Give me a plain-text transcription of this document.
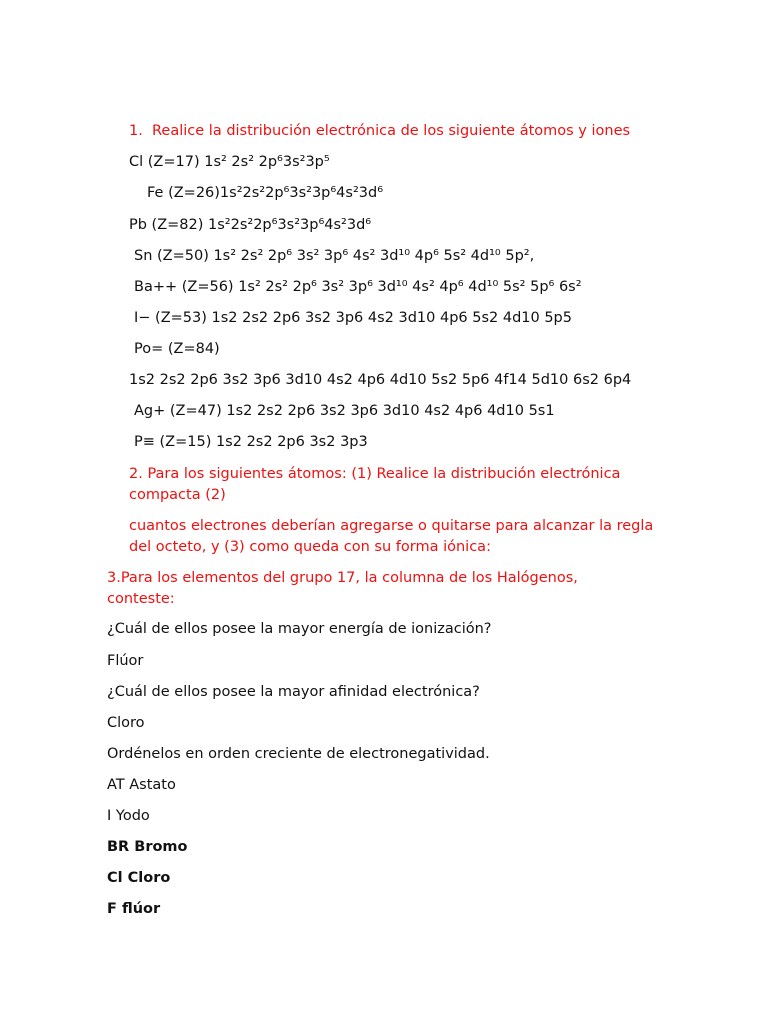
1. Realice la distribución electrónica de los siguiente átomos y iones
Cl (Z=17) 1s² 2s² 2p⁶3s²3p⁵
Fe (Z=26)1s²2s²2p⁶3s²3p⁶4s²3d⁶
Pb (Z=82) 1s²2s²2p⁶3s²3p⁶4s²3d⁶
Sn (Z=50) 1s² 2s² 2p⁶ 3s² 3p⁶ 4s² 3d¹⁰ 4p⁶ 5s² 4d¹⁰ 5p²,
Ba++ (Z=56) 1s² 2s² 2p⁶ 3s² 3p⁶ 3d¹⁰ 4s² 4p⁶ 4d¹⁰ 5s² 5p⁶ 6s²
I− (Z=53) 1s2 2s2 2p6 3s2 3p6 4s2 3d10 4p6 5s2 4d10 5p5
Po= (Z=84)
1s2 2s2 2p6 3s2 3p6 3d10 4s2 4p6 4d10 5s2 5p6 4f14 5d10 6s2 6p4
Ag+ (Z=47) 1s2 2s2 2p6 3s2 3p6 3d10 4s2 4p6 4d10 5s1
P≡ (Z=15) 1s2 2s2 2p6 3s2 3p3
2. Para los siguientes átomos: (1) Realice la distribución electrónica compacta (2)
cuantos electrones deberían agregarse o quitarse para alcanzar la regla del octeto, y (3) como queda con su forma iónica:
3.Para los elementos del grupo 17, la columna de los Halógenos, conteste:
¿Cuál de ellos posee la mayor energía de ionización?
Flúor
¿Cuál de ellos posee la mayor afinidad electrónica?
Cloro
Ordénelos en orden creciente de electronegatividad.
AT Astato
I Yodo
BR Bromo
Cl Cloro
F flúor
